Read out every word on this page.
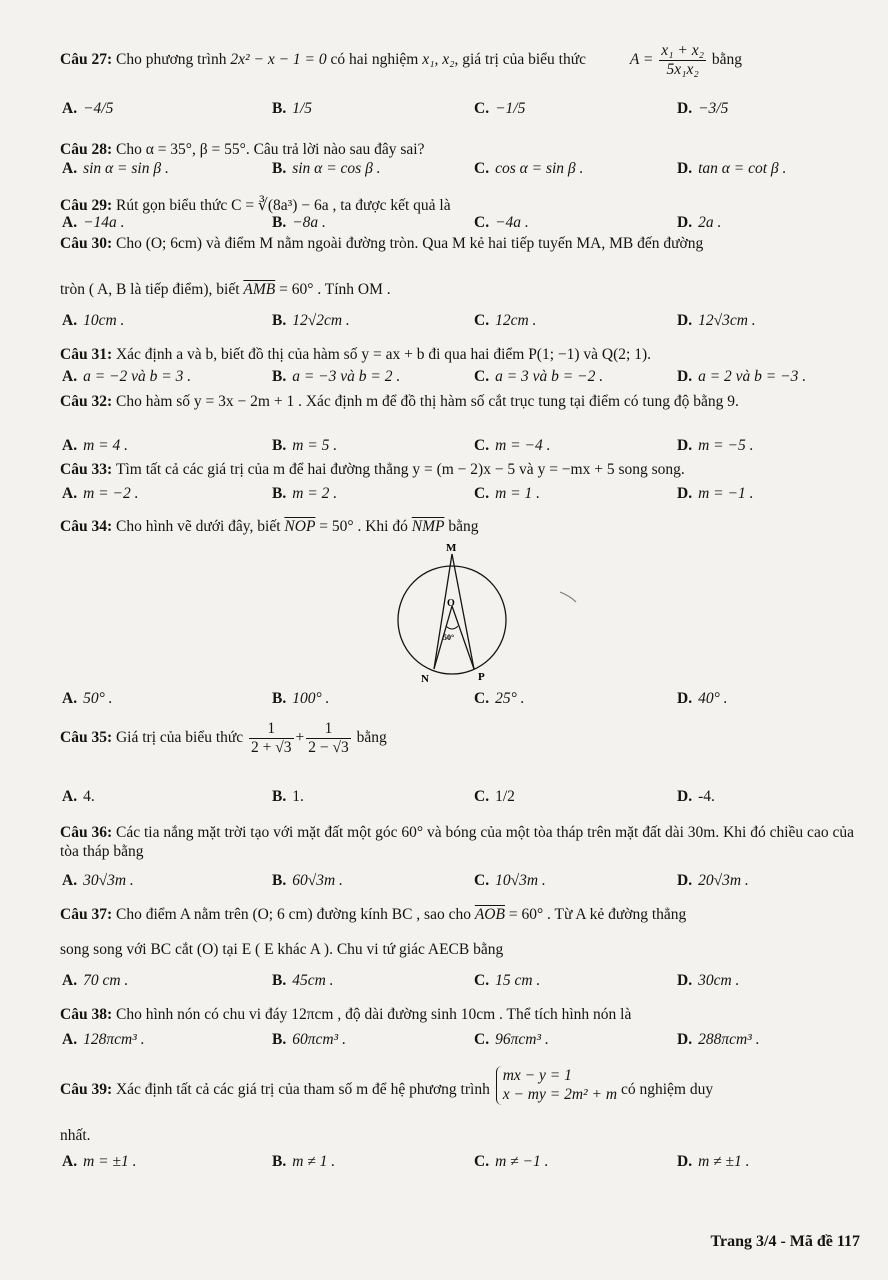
Câu 27: Cho phương trình 2x² − x − 1 = 0 có hai nghiệm x₁, x₂, giá trị của biểu thức	$A = \frac{\text{x₁ + x₂}}{\text{5x₁x₂}}$ bằng
A. −4/5	B. 1/5	C. −1/5	D. −3/5
Câu 28: Cho α = 35°, β = 55°. Câu trả lời nào sau đây sai?
A. sin α = sin β .	B. sin α = cos β .	C. cos α = sin β .	D. tan α = cot β .
Câu 29: Rút gọn biểu thức C = ∛(8a³) − 6a , ta được kết quả là
A. −14a .	B. −8a .	C. −4a .	D. 2a .
Câu 30: Cho (O; 6cm) và điểm M nằm ngoài đường tròn. Qua M kẻ hai tiếp tuyến MA, MB đến đường
tròn ( A, B là tiếp điểm), biết $\overline{AMB} = 60^\circ$ . Tính OM .
A. 10cm .	B. 12√2cm .	C. 12cm .	D. 12√3cm .
Câu 31: Xác định a và b, biết đồ thị của hàm số y = ax + b đi qua hai điểm P(1; −1) và Q(2; 1).
A. a = −2 và b = 3 .	B. a = −3 và b = 2 .	C. a = 3 và b = −2 .	D. a = 2 và b = −3 .
Câu 32: Cho hàm số y = 3x − 2m + 1 . Xác định m để đồ thị hàm số cắt trục tung tại điểm có tung độ bằng 9.
A. m = 4 .	B. m = 5 .	C. m = −4 .	D. m = −5 .
Câu 33: Tìm tất cả các giá trị của m để hai đường thẳng y = (m − 2)x − 5 và y = −mx + 5 song song.
A. m = −2 .	B. m = 2 .	C. m = 1 .	D. m = −1 .
Câu 34: Cho hình vẽ dưới đây, biết $\overline{NOP} = 50^\circ$ . Khi đó $\overline{NMP}$ bằng
M
O
50°
N	P
A. 50° .	B. 100° .	C. 25° .	D. 40° .
Câu 35: Giá trị của biểu thức $\frac{1}{2 + √3} + \frac{1}{2 - √3}$ bằng
A. 4.	B. 1.	C. 1/2	D. -4.
Câu 36: Các tia nắng mặt trời tạo với mặt đất một góc 60° và bóng của một tòa tháp trên mặt đất dài 30m. Khi đó chiều cao của tòa tháp bằng
A. 30√3m .	B. 60√3m .	C. 10√3m .	D. 20√3m .
Câu 37: Cho điểm A nằm trên (O; 6 cm) đường kính BC , sao cho $\overline{AOB} = 60^\circ$ . Từ A kẻ đường thẳng
song song với BC cắt (O) tại E ( E khác A ). Chu vi tứ giác AECB bằng
A. 70 cm .	B. 45cm .	C. 15 cm .	D. 30cm .
Câu 38: Cho hình nón có chu vi đáy 12πcm , độ dài đường sinh 10cm . Thể tích hình nón là
A. 128πcm³ .	B. 60πcm³ .	C. 96πcm³ .	D. 288πcm³ .
Câu 39: Xác định tất cả các giá trị của tham số m để hệ phương trình
mx − y = 1
x − my = 2m² + m có nghiệm duy
nhất.
A. m = ±1 .	B. m ≠ 1 .	C. m ≠ −1 .	D. m ≠ ±1 .
Trang 3/4 - Mã đề 117
